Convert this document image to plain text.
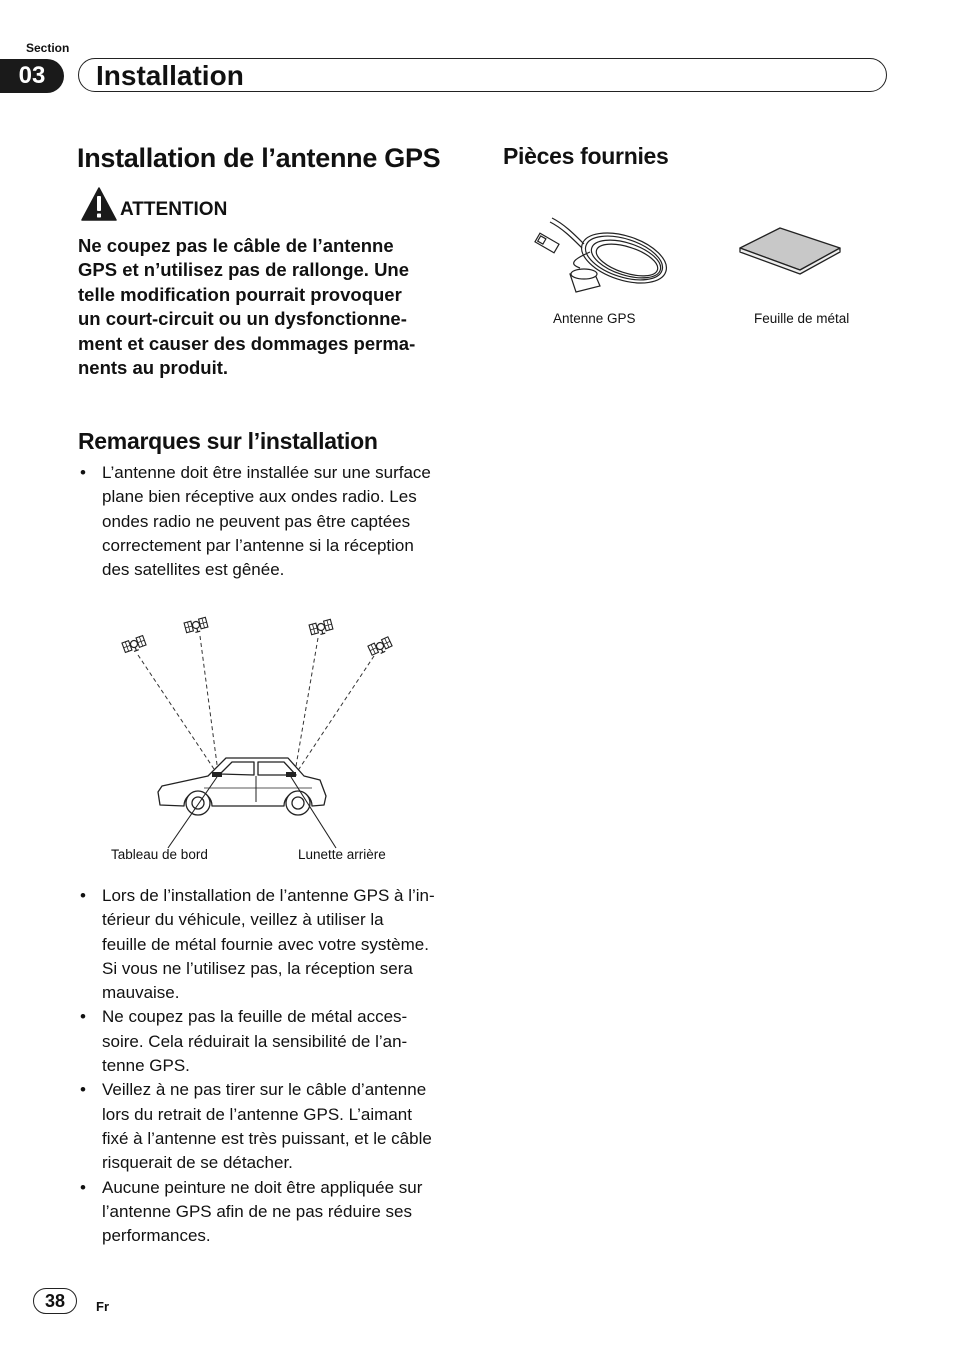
Section
03	Installation
Installation de l’antenne GPS
ATTENTION
Ne coupez pas le câble de l’antenne
GPS et n’utilisez pas de rallonge. Une
telle modification pourrait provoquer
un court-circuit ou un dysfonctionne-
ment et causer des dommages perma-
nents au produit.
Remarques sur l’installation
• L’antenne doit être installée sur une surface
plane bien réceptive aux ondes radio. Les
ondes radio ne peuvent pas être captées
correctement par l’antenne si la réception
des satellites est gênée.
Tableau de bord	Lunette arrière
• Lors de l’installation de l’antenne GPS à l’in-
térieur du véhicule, veillez à utiliser la
feuille de métal fournie avec votre système.
Si vous ne l’utilisez pas, la réception sera
mauvaise.
• Ne coupez pas la feuille de métal acces-
soire. Cela réduirait la sensibilité de l’an-
tenne GPS.
• Veillez à ne pas tirer sur le câble d’antenne
lors du retrait de l’antenne GPS. L’aimant
fixé à l’antenne est très puissant, et le câble
risquerait de se détacher.
• Aucune peinture ne doit être appliquée sur
l’antenne GPS afin de ne pas réduire ses
performances.
Pièces fournies
Antenne GPS	Feuille de métal
38	Fr
